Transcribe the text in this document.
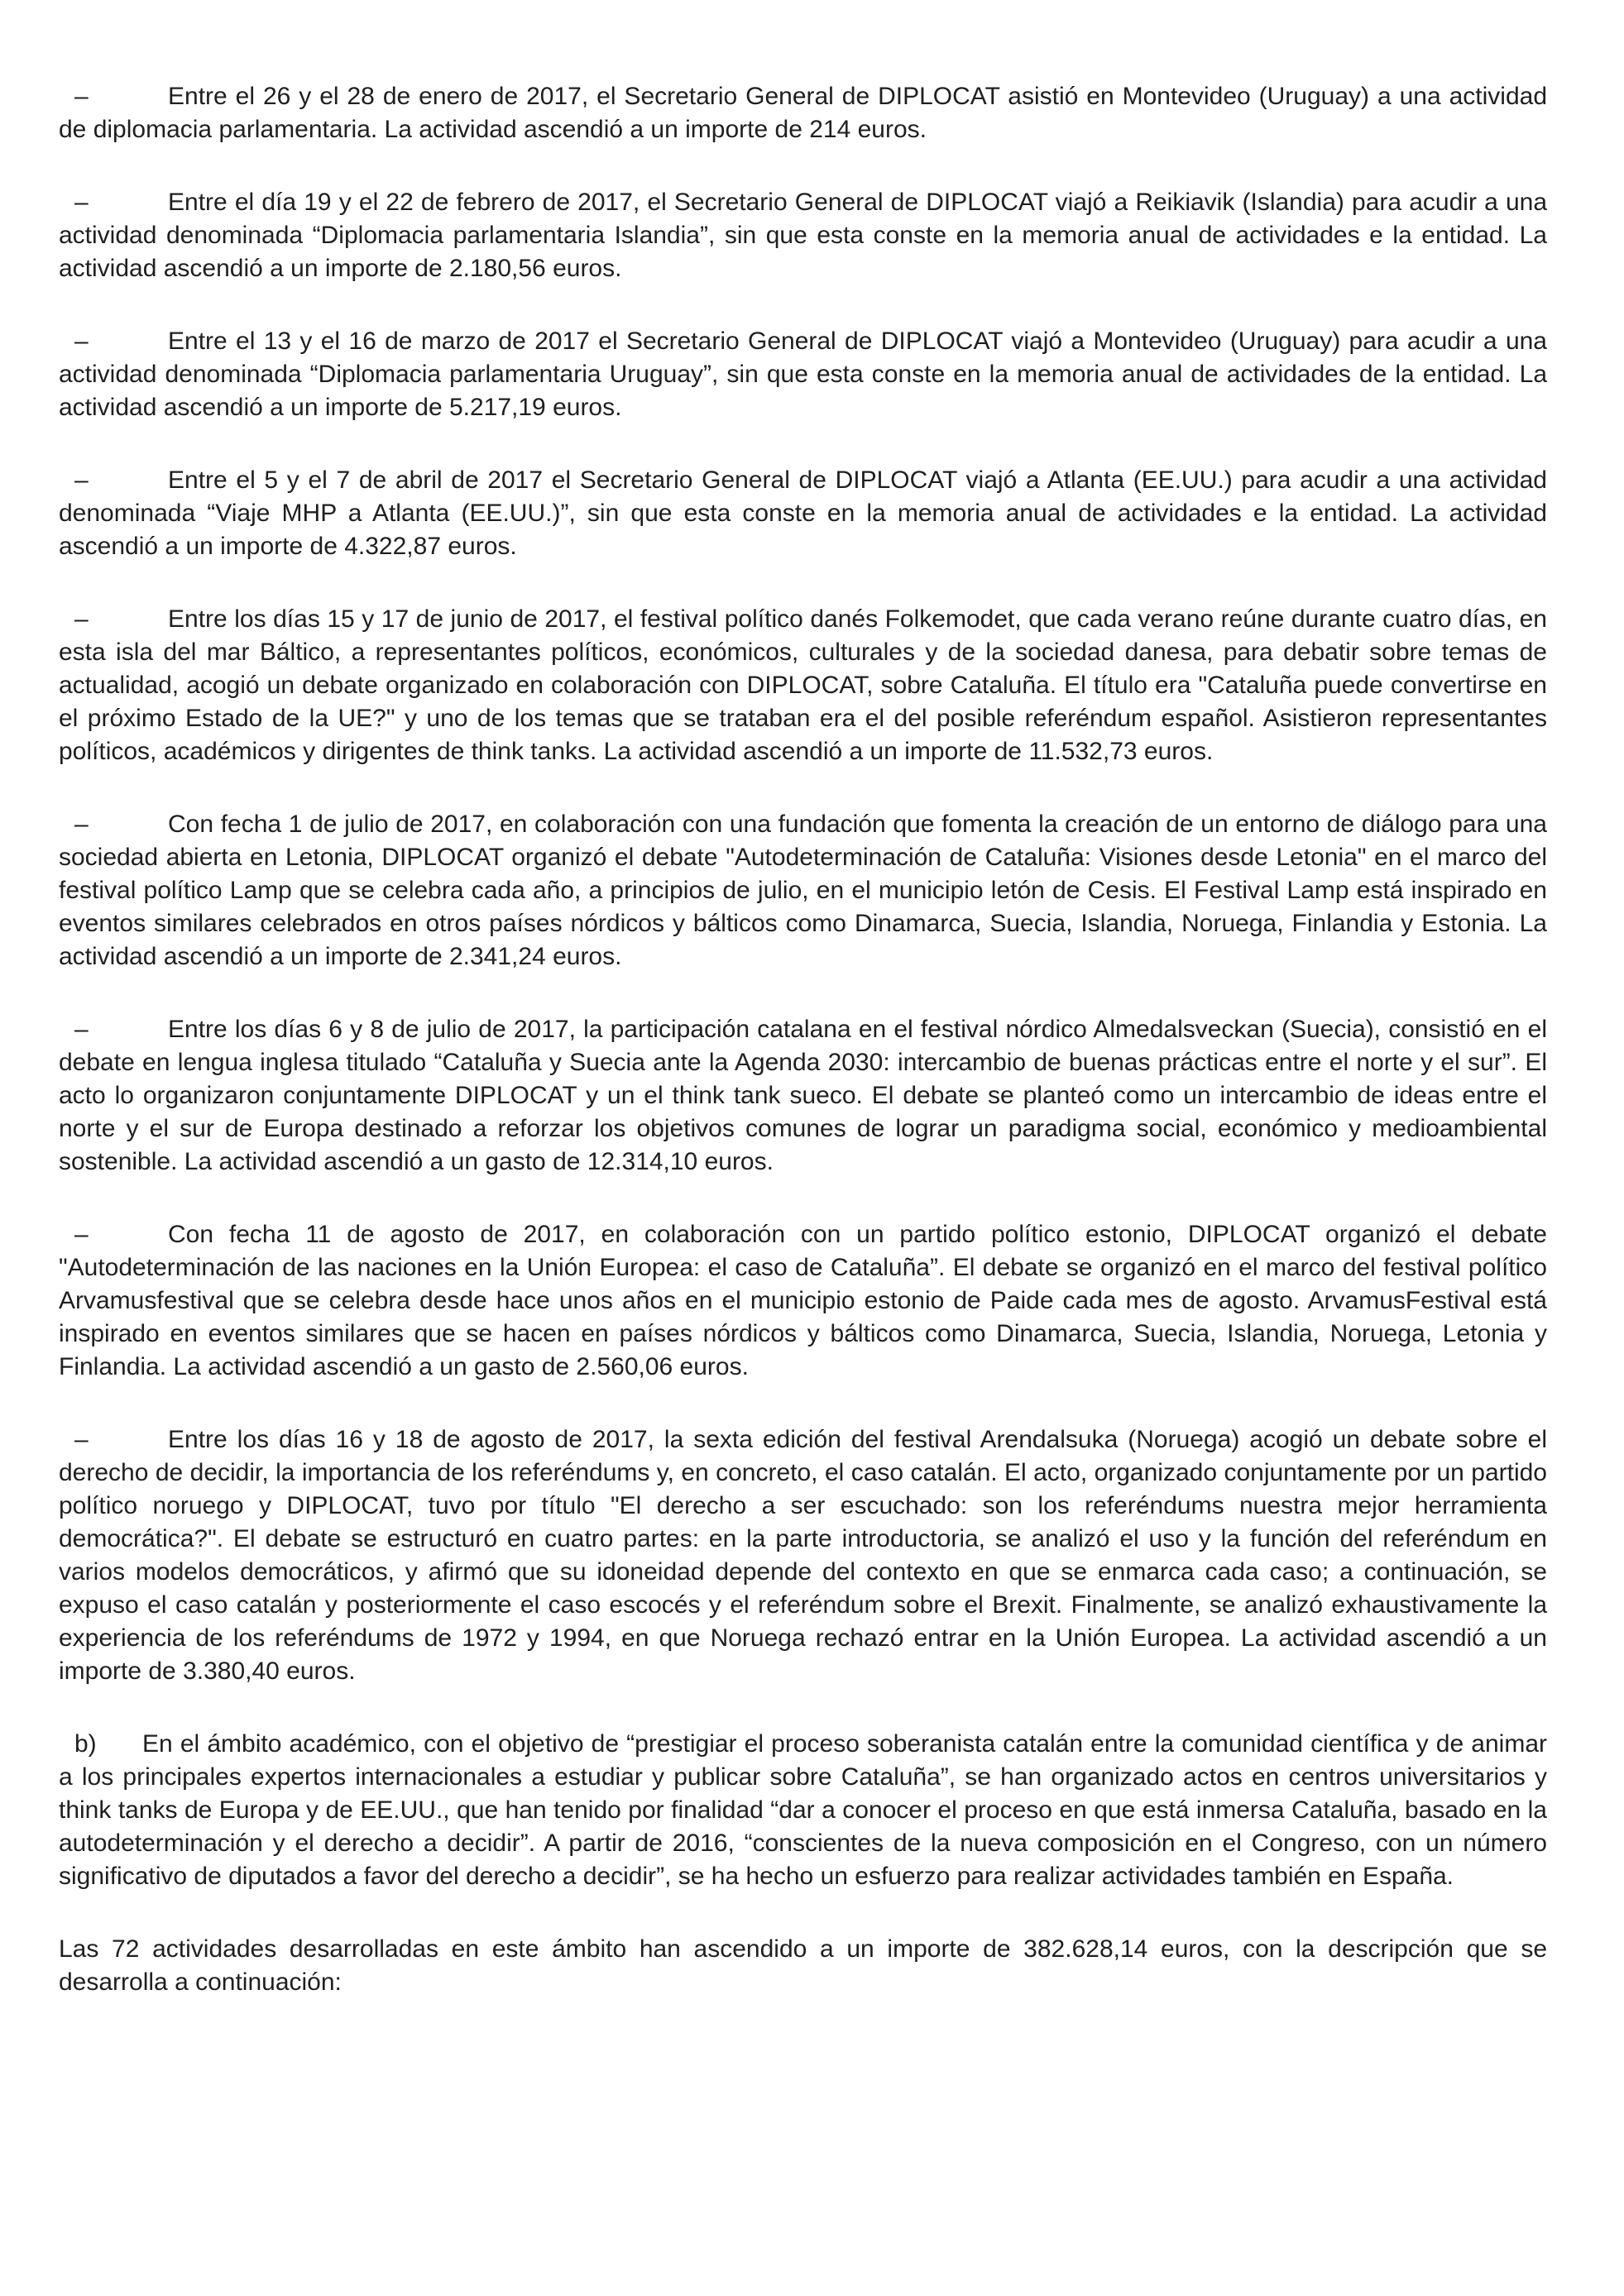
–	Entre el 26 y el 28 de enero de 2017, el Secretario General de DIPLOCAT asistió en Montevideo (Uruguay) a una actividad de diplomacia parlamentaria. La actividad ascendió a un importe de 214 euros.

–	Entre el día 19 y el 22 de febrero de 2017, el Secretario General de DIPLOCAT viajó a Reikiavik (Islandia) para acudir a una actividad denominada “Diplomacia parlamentaria Islandia”, sin que esta conste en la memoria anual de actividades e la entidad. La actividad ascendió a un importe de 2.180,56 euros.

–	Entre el 13 y el 16 de marzo de 2017 el Secretario General de DIPLOCAT viajó a Montevideo (Uruguay) para acudir a una actividad denominada “Diplomacia parlamentaria Uruguay”, sin que esta conste en la memoria anual de actividades de la entidad. La actividad ascendió a un importe de 5.217,19 euros.

–	Entre el 5 y el 7 de abril de 2017 el Secretario General de DIPLOCAT viajó a Atlanta (EE.UU.) para acudir a una actividad denominada “Viaje MHP a Atlanta (EE.UU.)”, sin que esta conste en la memoria anual de actividades e la entidad. La actividad ascendió a un importe de 4.322,87 euros.

–	Entre los días 15 y 17 de junio de 2017, el festival político danés Folkemodet, que cada verano reúne durante cuatro días, en esta isla del mar Báltico, a representantes políticos, económicos, culturales y de la sociedad danesa, para debatir sobre temas de actualidad, acogió un debate organizado en colaboración con DIPLOCAT, sobre Cataluña. El título era "Cataluña puede convertirse en el próximo Estado de la UE?" y uno de los temas que se trataban era el del posible referéndum español. Asistieron representantes políticos, académicos y dirigentes de think tanks. La actividad ascendió a un importe de 11.532,73 euros.

–	Con fecha 1 de julio de 2017, en colaboración con una fundación que fomenta la creación de un entorno de diálogo para una sociedad abierta en Letonia, DIPLOCAT organizó el debate "Autodeterminación de Cataluña: Visiones desde Letonia" en el marco del festival político Lamp que se celebra cada año, a principios de julio, en el municipio letón de Cesis. El Festival Lamp está inspirado en eventos similares celebrados en otros países nórdicos y bálticos como Dinamarca, Suecia, Islandia, Noruega, Finlandia y Estonia. La actividad ascendió a un importe de 2.341,24 euros.

–	Entre los días 6 y 8 de julio de 2017, la participación catalana en el festival nórdico Almedalsveckan (Suecia), consistió en el debate en lengua inglesa titulado “Cataluña y Suecia ante la Agenda 2030: intercambio de buenas prácticas entre el norte y el sur”. El acto lo organizaron conjuntamente DIPLOCAT y un el think tank sueco. El debate se planteó como un intercambio de ideas entre el norte y el sur de Europa destinado a reforzar los objetivos comunes de lograr un paradigma social, económico y medioambiental sostenible. La actividad ascendió a un gasto de 12.314,10 euros.

–	Con fecha 11 de agosto de 2017, en colaboración con un partido político estonio, DIPLOCAT organizó el debate "Autodeterminación de las naciones en la Unión Europea: el caso de Cataluña”. El debate se organizó en el marco del festival político Arvamusfestival que se celebra desde hace unos años en el municipio estonio de Paide cada mes de agosto. ArvamusFestival está inspirado en eventos similares que se hacen en países nórdicos y bálticos como Dinamarca, Suecia, Islandia, Noruega, Letonia y Finlandia. La actividad ascendió a un gasto de 2.560,06 euros.

–	Entre los días 16 y 18 de agosto de 2017, la sexta edición del festival Arendalsuka (Noruega) acogió un debate sobre el derecho de decidir, la importancia de los referéndums y, en concreto, el caso catalán. El acto, organizado conjuntamente por un partido político noruego y DIPLOCAT, tuvo por título "El derecho a ser escuchado: son los referéndums nuestra mejor herramienta democrática?". El debate se estructuró en cuatro partes: en la parte introductoria, se analizó el uso y la función del referéndum en varios modelos democráticos, y afirmó que su idoneidad depende del contexto en que se enmarca cada caso; a continuación, se expuso el caso catalán y posteriormente el caso escocés y el referéndum sobre el Brexit. Finalmente, se analizó exhaustivamente la experiencia de los referéndums de 1972 y 1994, en que Noruega rechazó entrar en la Unión Europea. La actividad ascendió a un importe de 3.380,40 euros.

b) En el ámbito académico, con el objetivo de “prestigiar el proceso soberanista catalán entre la comunidad científica y de animar a los principales expertos internacionales a estudiar y publicar sobre Cataluña”, se han organizado actos en centros universitarios y think tanks de Europa y de EE.UU., que han tenido por finalidad “dar a conocer el proceso en que está inmersa Cataluña, basado en la autodeterminación y el derecho a decidir”. A partir de 2016, “conscientes de la nueva composición en el Congreso, con un número significativo de diputados a favor del derecho a decidir”, se ha hecho un esfuerzo para realizar actividades también en España.

Las 72 actividades desarrolladas en este ámbito han ascendido a un importe de 382.628,14 euros, con la descripción que se desarrolla a continuación:
